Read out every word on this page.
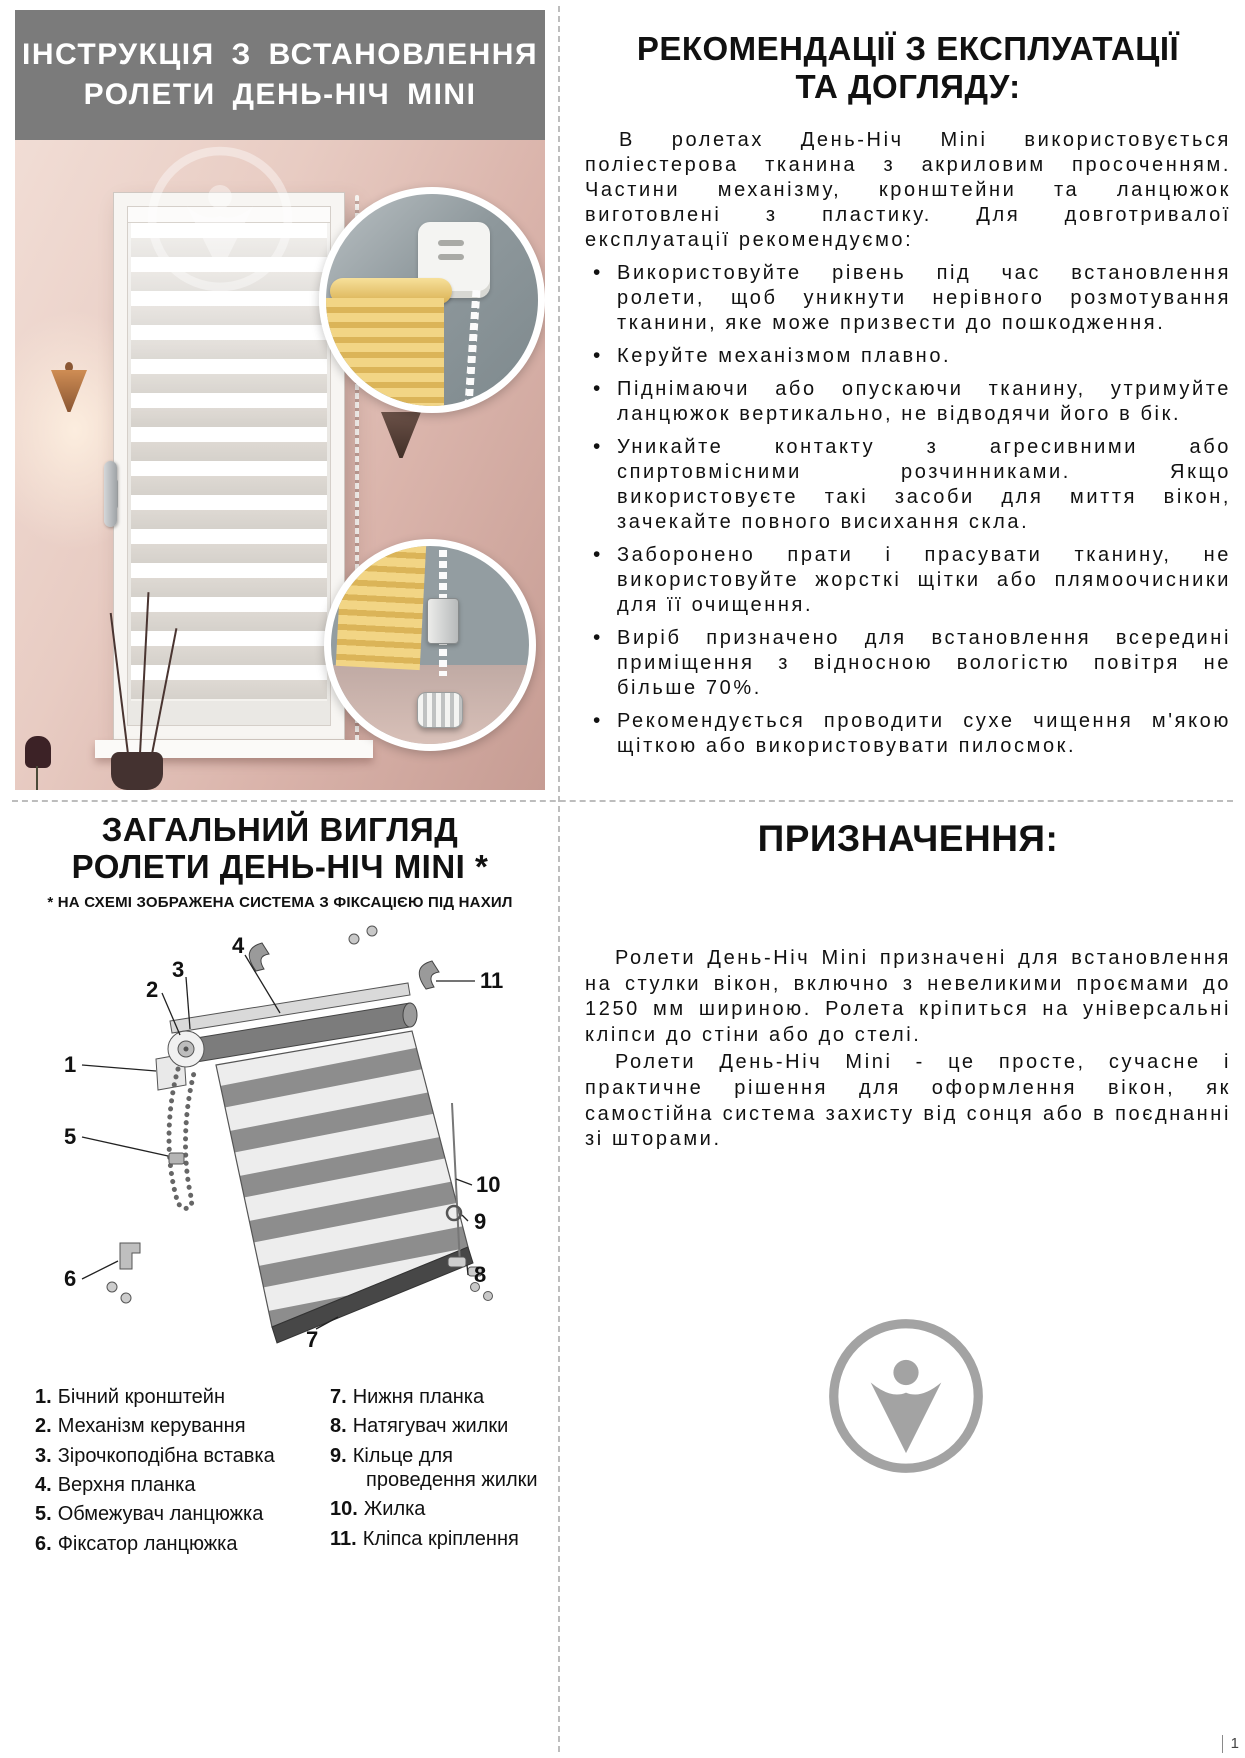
ІНСТРУКЦІЯ З ВСТАНОВЛЕННЯ
РОЛЕТИ ДЕНЬ-НІЧ MINI
РЕКОМЕНДАЦІЇ З ЕКСПЛУАТАЦІЇ
ТА ДОГЛЯДУ:

В ролетах День-Ніч Mini використовується поліестерова тканина з акриловим просоченням. Частини механізму, кронштейни та ланцюжок виготовлені з пластику. Для довготривалої експлуатації рекомендуємо:

• Використовуйте рівень під час встановлення ролети, щоб уникнути нерівного розмотування тканини, яке може призвести до пошкодження.
• Керуйте механізмом плавно.
• Піднімаючи або опускаючи тканину, утримуйте ланцюжок вертикально, не відводячи його в бік.
• Уникайте контакту з агресивними або спиртовмісними розчинниками. Якщо використовуєте такі засоби для миття вікон, зачекайте повного висихання скла.
• Заборонено прати і прасувати тканину, не використовуйте жорсткі щітки або плямоочисники для її очищення.
• Виріб призначено для встановлення всередині приміщення з відносною вологістю повітря не більше 70%.
• Рекомендується проводити сухе чищення м'якою щіткою або використовувати пилосмок.
ЗАГАЛЬНИЙ ВИГЛЯД
РОЛЕТИ ДЕНЬ-НІЧ MINI *
* НА СХЕМІ ЗОБРАЖЕНА СИСТЕМА З ФІКСАЦІЄЮ ПІД НАХИЛ
4
2
3	11
1
5
6
10
9
8
7
1. Бічний кронштейн
2. Механізм керування
3. Зірочкоподібна вставка
4. Верхня планка
5. Обмежувач ланцюжка
6. Фіксатор ланцюжка
7. Нижня планка
8. Натягувач жилки
9. Кільце для проведення жилки
10. Жилка
11. Кліпса кріплення
ПРИЗНАЧЕННЯ:

Ролети День-Ніч Mini призначені для встановлення на стулки вікон, включно з невеликими проємами до 1250 мм шириною. Ролета кріпиться на універсальні кліпси до стіни або до стелі.

Ролети День-Ніч Mini - це просте, сучасне і практичне рішення для оформлення вікон, як самостійна система захисту від сонця або в поєднанні зі шторами.

1
